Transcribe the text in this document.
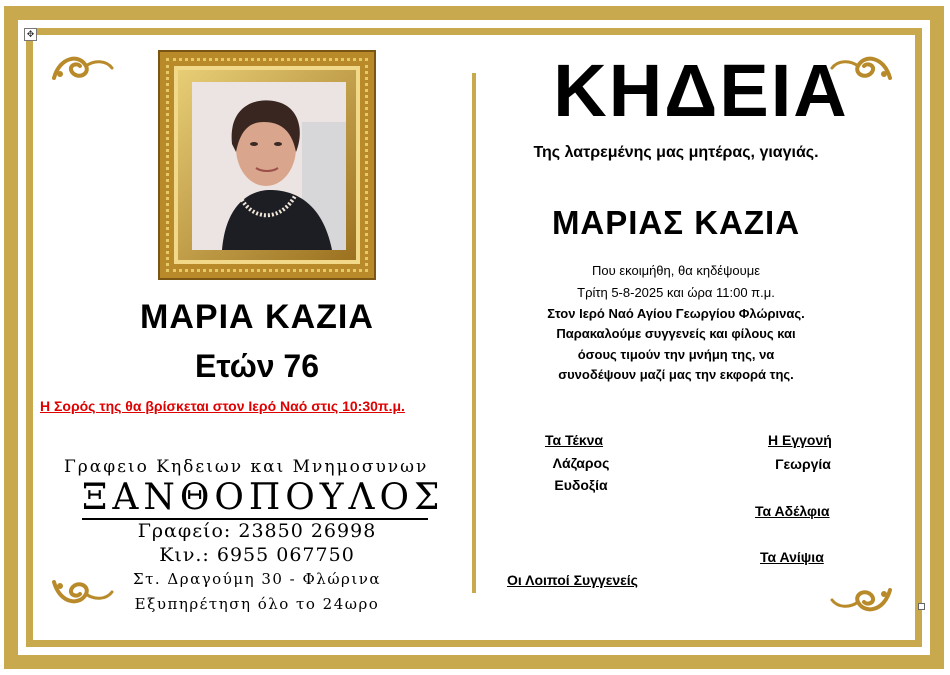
✥
ΜΑΡΙΑ ΚΑΖΙΑ
Ετών 76
Η Σορός της θα βρίσκεται στον Ιερό Ναό στις 10:30π.μ.
Γραφειο Κηδειων και Μνημοσυνων
ΞΑΝΘΟΠΟΥΛΟΣ
Γραφείο: 23850 26998
Κιν.: 6955 067750
Στ. Δραγούμη 30 - Φλώρινα
Εξυπηρέτηση όλο το 24ωρο
ΚΗΔΕΙΑ
Της λατρεμένης μας μητέρας, γιαγιάς.
ΜΑΡΙΑΣ ΚΑΖΙΑ
Που εκοιμήθη, θα κηδέψουμε
Τρίτη 5-8-2025 και ώρα 11:00 π.μ.
Στον Ιερό Ναό Αγίου Γεωργίου Φλώρινας.
Παρακαλούμε συγγενείς και φίλους και
όσους τιμούν την μνήμη της, να
συνοδέψουν μαζί μας την εκφορά της.
Τα Τέκνα
Λάζαρος
Ευδοξία
Η Εγγονή
Γεωργία
Τα Αδέλφια
Τα Ανίψια
Οι Λοιποί Συγγενείς
